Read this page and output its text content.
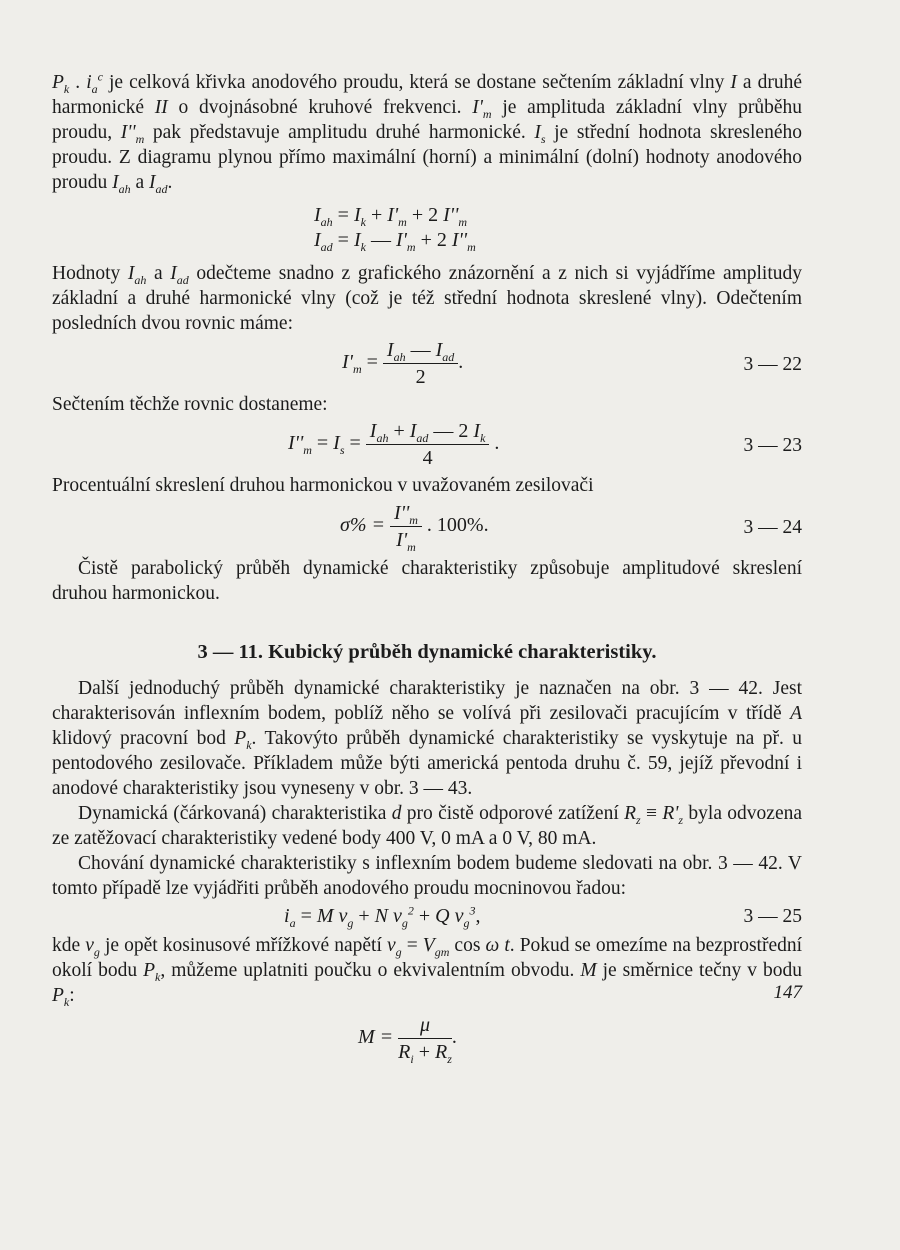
$P_k$ . $i_a^c$ je celková křivka anodového proudu, která se dostane sečtením základní vlny I a druhé harmonické II o dvojnásobné kruhové frekvenci. $I'_m$ je amplituda základní vlny průběhu proudu, $I''_m$ pak představuje amplitudu druhé harmonické. $I_s$ je střední hodnota skresleného proudu. Z diagramu plynou přímo maximální (horní) a minimální (dolní) hodnoty anodového proudu $I_{ah}$ a $I_{ad}$.

$I_{ah} = I_k + I'_m + 2$ $I''_m$
$I_{ad} = I_k$ — $I'_m + 2$ $I''_m$

Hodnoty $I_{ah}$ a $I_{ad}$ odečteme snadno z grafického znázornění a z nich si vyjádříme amplitudy základní a druhé harmonické vlny (což je též střední hodnota skreslené vlny). Odečtením posledních dvou rovnic máme:

$I'_m = \frac{I_{ah} — I_{ad}}{2}$ .	3 — 22

Sečtením těchže rovnic dostaneme:

$I''_m = I_s = \frac{I_{ah} + I_{ad} — 2 I_k}{4}$ .	3 — 23

Procentuální skreslení druhou harmonickou v uvažovaném zesilovači

$\sigma\% = \frac{I''_m}{I'_m}$ . 100%.	3 — 24

Čistě parabolický průběh dynamické charakteristiky způsobuje amplitudové skreslení druhou harmonickou.

3 — 11. Kubický průběh dynamické charakteristiky.

Další jednoduchý průběh dynamické charakteristiky je naznačen na obr. 3 — 42. Jest charakterisován inflexním bodem, poblíž něho se volívá při zesilovači pracujícím v třídě A klidový pracovní bod $P_k$. Takovýto průběh dynamické charakteristiky se vyskytuje na př. u pentodového zesilovače. Příkladem může býti americká pentoda druhu č. 59, jejíž převodní i anodové charakteristiky jsou vyneseny v obr. 3 — 43.

Dynamická (čárkovaná) charakteristika d pro čistě odporové zatížení $R_z \equiv R'_z$ byla odvozena ze zatěžovací charakteristiky vedené body 400 V, 0 mA a 0 V, 80 mA.

Chování dynamické charakteristiky s inflexním bodem budeme sledovati na obr. 3 — 42. V tomto případě lze vyjádřiti průběh anodového proudu mocninovou řadou:

$i_a = M$ $v_g + N$ $v_g^2 + Q$ $v_g^3$,	3 — 25

kde $v_g$ je opět kosinusové mřížkové napětí $v_g = V_{gm}$ cos ω t. Pokud se omezíme na bezprostřední okolí bodu $P_k$, můžeme uplatniti poučku o ekvivalentním obvodu. M je směrnice tečny v bodu $P_k$:

$M = \frac{\mu}{R_i + R_z}$ .
147
